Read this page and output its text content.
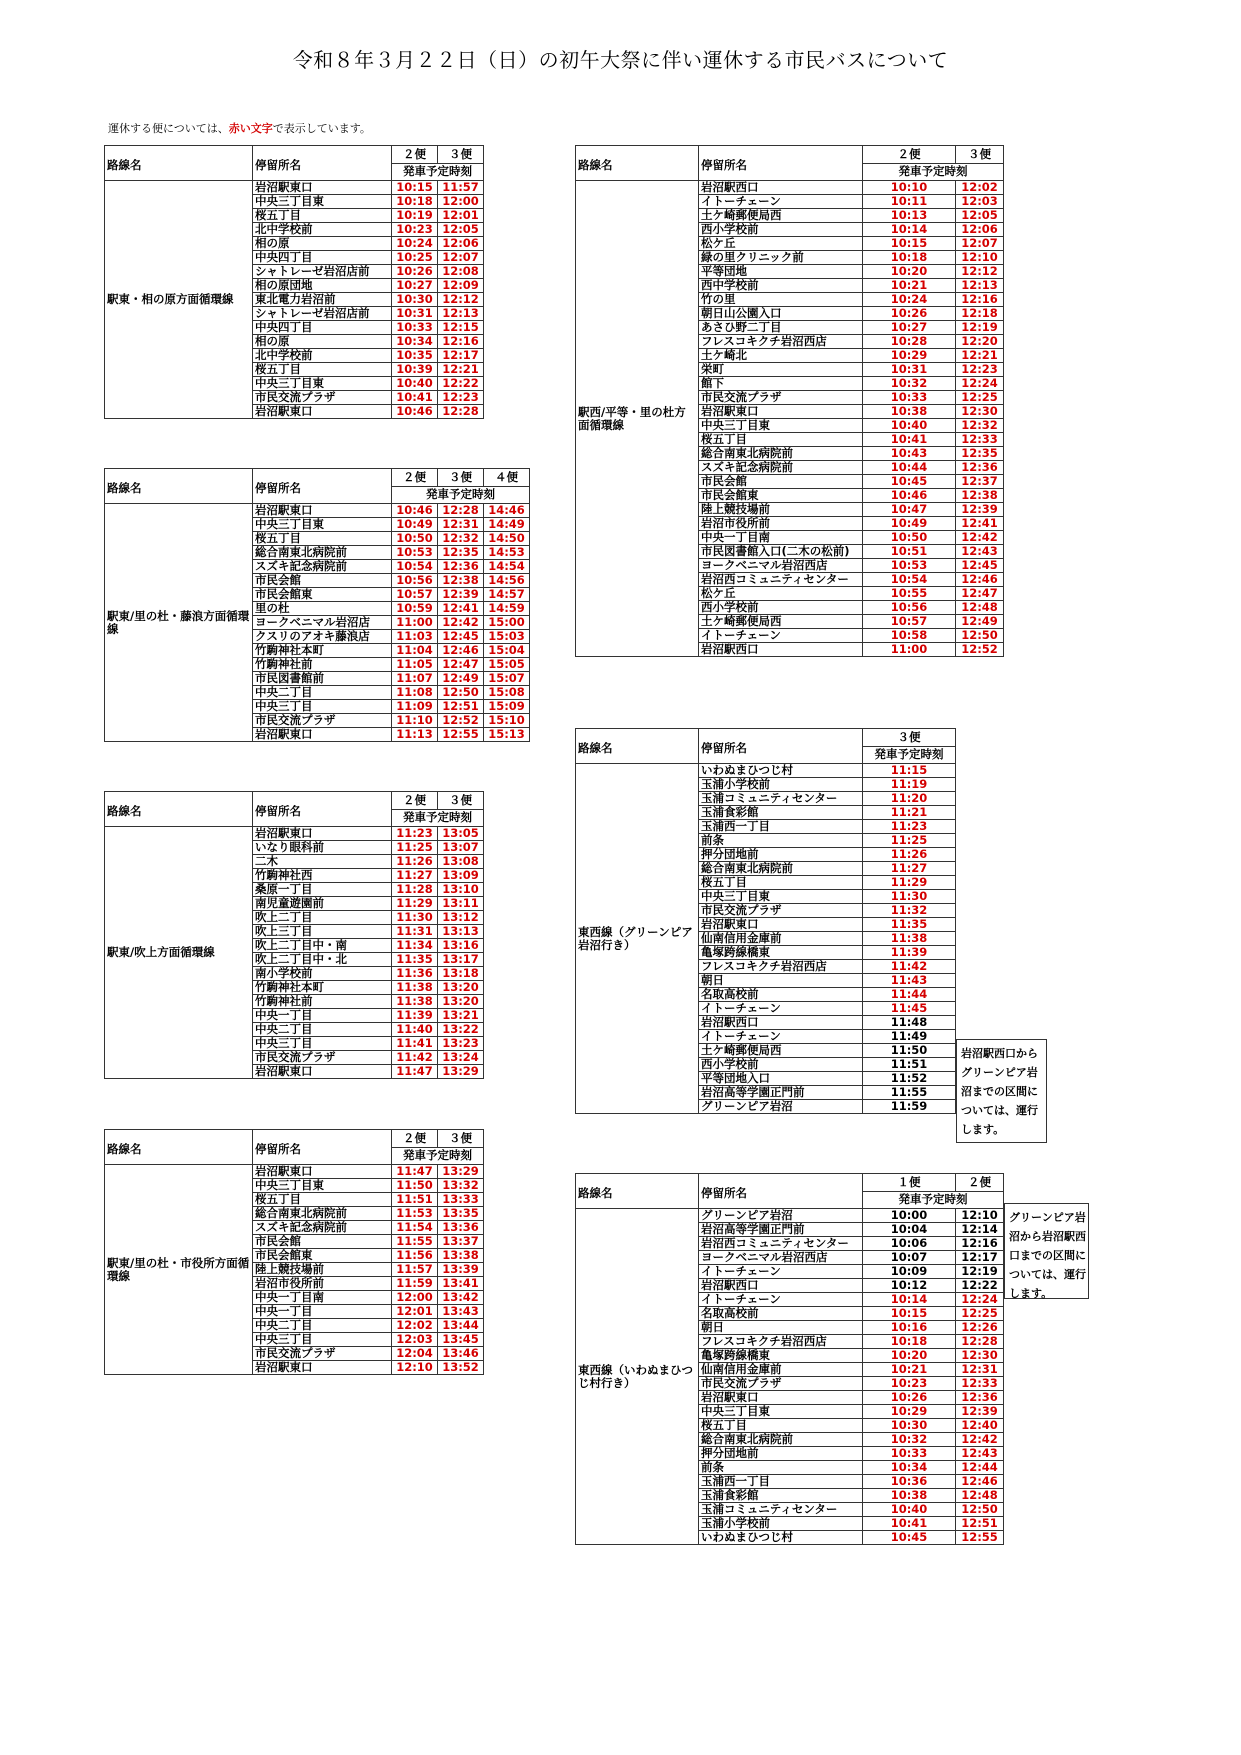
令和８年３月２２日（日）の初午大祭に伴い運休する市民バスについて
運休する便については、赤い文字で表示しています。
路線名	停留所名	２便	３便
		発車予定時刻	
駅東・相の原方面循環線	岩沼駅東口	10:15	11:57
	中央三丁目東	10:18	12:00
	桜五丁目	10:19	12:01
	北中学校前	10:23	12:05
	相の原	10:24	12:06
	中央四丁目	10:25	12:07
	シャトレーゼ岩沼店前	10:26	12:08
	相の原団地	10:27	12:09
	東北電力岩沼前	10:30	12:12
	シャトレーゼ岩沼店前	10:31	12:13
	中央四丁目	10:33	12:15
	相の原	10:34	12:16
	北中学校前	10:35	12:17
	桜五丁目	10:39	12:21
	中央三丁目東	10:40	12:22
	市民交流プラザ	10:41	12:23
	岩沼駅東口	10:46	12:28
路線名	停留所名	２便	３便	４便
		発車予定時刻		
駅東/里の杜・藤浪方面循環線	岩沼駅東口	10:46	12:28	14:46
	中央三丁目東	10:49	12:31	14:49
	桜五丁目	10:50	12:32	14:50
	総合南東北病院前	10:53	12:35	14:53
	スズキ記念病院前	10:54	12:36	14:54
	市民会館	10:56	12:38	14:56
	市民会館東	10:57	12:39	14:57
	里の杜	10:59	12:41	14:59
	ヨークベニマル岩沼店	11:00	12:42	15:00
	クスリのアオキ藤浪店	11:03	12:45	15:03
	竹駒神社本町	11:04	12:46	15:04
	竹駒神社前	11:05	12:47	15:05
	市民図書館前	11:07	12:49	15:07
	中央二丁目	11:08	12:50	15:08
	中央三丁目	11:09	12:51	15:09
	市民交流プラザ	11:10	12:52	15:10
	岩沼駅東口	11:13	12:55	15:13
路線名	停留所名	２便	３便
		発車予定時刻	
駅東/吹上方面循環線	岩沼駅東口	11:23	13:05
	いなり眼科前	11:25	13:07
	二木	11:26	13:08
	竹駒神社西	11:27	13:09
	桑原一丁目	11:28	13:10
	南児童遊園前	11:29	13:11
	吹上二丁目	11:30	13:12
	吹上三丁目	11:31	13:13
	吹上二丁目中・南	11:34	13:16
	吹上二丁目中・北	11:35	13:17
	南小学校前	11:36	13:18
	竹駒神社本町	11:38	13:20
	竹駒神社前	11:38	13:20
	中央一丁目	11:39	13:21
	中央二丁目	11:40	13:22
	中央三丁目	11:41	13:23
	市民交流プラザ	11:42	13:24
	岩沼駅東口	11:47	13:29
路線名	停留所名	２便	３便
		発車予定時刻	
駅東/里の杜・市役所方面循環線	岩沼駅東口	11:47	13:29
	中央三丁目東	11:50	13:32
	桜五丁目	11:51	13:33
	総合南東北病院前	11:53	13:35
	スズキ記念病院前	11:54	13:36
	市民会館	11:55	13:37
	市民会館東	11:56	13:38
	陸上競技場前	11:57	13:39
	岩沼市役所前	11:59	13:41
	中央一丁目南	12:00	13:42
	中央一丁目	12:01	13:43
	中央二丁目	12:02	13:44
	中央三丁目	12:03	13:45
	市民交流プラザ	12:04	13:46
	岩沼駅東口	12:10	13:52
路線名	停留所名	２便	３便
		発車予定時刻	
駅西/平等・里の杜方面循環線	岩沼駅西口	10:10	12:02
	イトーチェーン	10:11	12:03
	土ケ崎郵便局西	10:13	12:05
	西小学校前	10:14	12:06
	松ケ丘	10:15	12:07
	緑の里クリニック前	10:18	12:10
	平等団地	10:20	12:12
	西中学校前	10:21	12:13
	竹の里	10:24	12:16
	朝日山公園入口	10:26	12:18
	あさひ野二丁目	10:27	12:19
	フレスコキクチ岩沼西店	10:28	12:20
	土ケ崎北	10:29	12:21
	栄町	10:31	12:23
	館下	10:32	12:24
	市民交流プラザ	10:33	12:25
	岩沼駅東口	10:38	12:30
	中央三丁目東	10:40	12:32
	桜五丁目	10:41	12:33
	総合南東北病院前	10:43	12:35
	スズキ記念病院前	10:44	12:36
	市民会館	10:45	12:37
	市民会館東	10:46	12:38
	陸上競技場前	10:47	12:39
	岩沼市役所前	10:49	12:41
	中央一丁目南	10:50	12:42
	市民図書館入口(二木の松前)	10:51	12:43
	ヨークベニマル岩沼西店	10:53	12:45
	岩沼西コミュニティセンター	10:54	12:46
	松ケ丘	10:55	12:47
	西小学校前	10:56	12:48
	土ケ崎郵便局西	10:57	12:49
	イトーチェーン	10:58	12:50
	岩沼駅西口	11:00	12:52
路線名	停留所名	３便
		発車予定時刻
東西線（グリーンピア岩沼行き）	いわぬまひつじ村	11:15
	玉浦小学校前	11:19
	玉浦コミュニティセンター	11:20
	玉浦食彩館	11:21
	玉浦西一丁目	11:23
	前条	11:25
	押分団地前	11:26
	総合南東北病院前	11:27
	桜五丁目	11:29
	中央三丁目東	11:30
	市民交流プラザ	11:32
	岩沼駅東口	11:35
	仙南信用金庫前	11:38
	亀塚跨線橋東	11:39
	フレスコキクチ岩沼西店	11:42
	朝日	11:43
	名取高校前	11:44
	イトーチェーン	11:45
	岩沼駅西口	11:48
	イトーチェーン	11:49
	土ケ崎郵便局西	11:50
	西小学校前	11:51
	平等団地入口	11:52
	岩沼高等学園正門前	11:55
	グリーンピア岩沼	11:59
岩沼駅西口からグリーンピア岩沼までの区間については、運行します。
路線名	停留所名	１便	２便
		発車予定時刻	
東西線（いわぬまひつじ村行き）	グリーンピア岩沼	10:00	12:10
	岩沼高等学園正門前	10:04	12:14
	岩沼西コミュニティセンター	10:06	12:16
	ヨークベニマル岩沼西店	10:07	12:17
	イトーチェーン	10:09	12:19
	岩沼駅西口	10:12	12:22
	イトーチェーン	10:14	12:24
	名取高校前	10:15	12:25
	朝日	10:16	12:26
	フレスコキクチ岩沼西店	10:18	12:28
	亀塚跨線橋東	10:20	12:30
	仙南信用金庫前	10:21	12:31
	市民交流プラザ	10:23	12:33
	岩沼駅東口	10:26	12:36
	中央三丁目東	10:29	12:39
	桜五丁目	10:30	12:40
	総合南東北病院前	10:32	12:42
	押分団地前	10:33	12:43
	前条	10:34	12:44
	玉浦西一丁目	10:36	12:46
	玉浦食彩館	10:38	12:48
	玉浦コミュニティセンター	10:40	12:50
	玉浦小学校前	10:41	12:51
	いわぬまひつじ村	10:45	12:55
グリーンピア岩沼から岩沼駅西口までの区間については、運行します。
